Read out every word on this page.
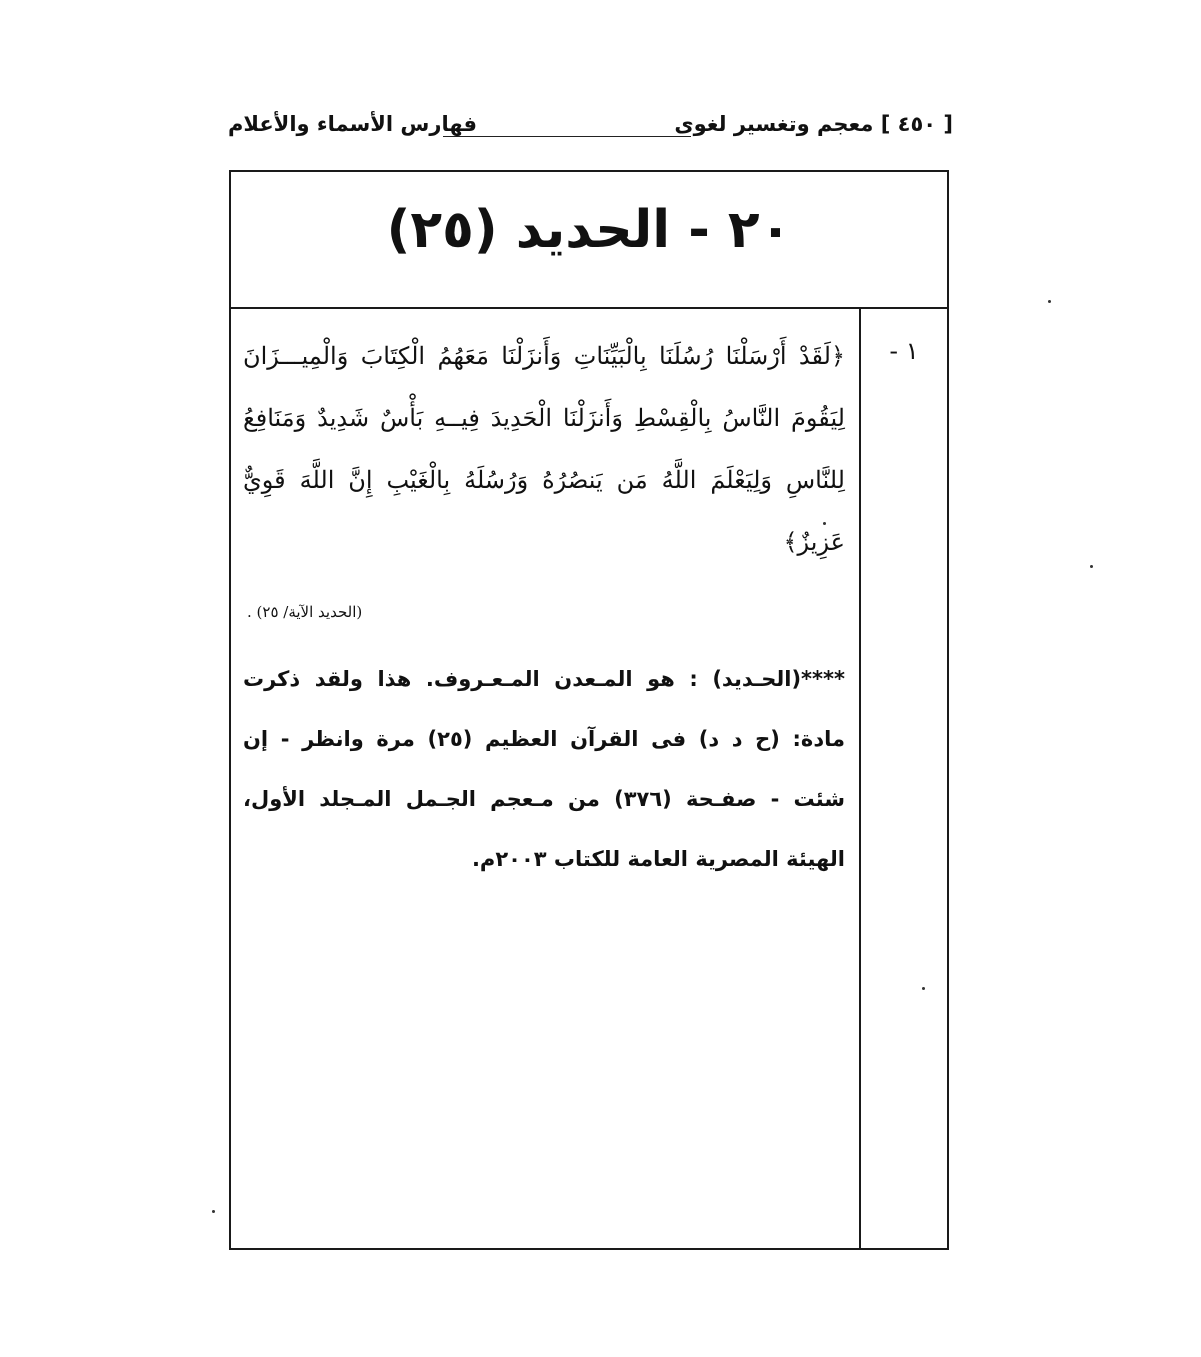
[ ٤٥٠ ] معجم وتغسير لغوى
فهارس الأسماء والأعلام
٢٠ - الحديد (٢٥)
١ -

﴿لَقَدْ أَرْسَلْنَا رُسُلَنَا بِالْبَيِّنَاتِ وَأَنزَلْنَا مَعَهُمُ الْكِتَابَ وَالْمِيـــزَانَ لِيَقُومَ النَّاسُ بِالْقِسْطِ وَأَنزَلْنَا الْحَدِيدَ فِيــهِ بَأْسٌ شَدِيدٌ وَمَنَافِعُ لِلنَّاسِ وَلِيَعْلَمَ اللَّهُ مَن يَنصُرُهُ وَرُسُلَهُ بِالْغَيْبِ إِنَّ اللَّهَ قَوِيٌّ عَزِيزٌ﴾

(الحديد الآية/ ٢٥) .

****(الحـديد) : هو المـعدن المـعـروف. هذا ولقد ذكرت مادة: (ح د د) فى القرآن العظيم (٢٥) مرة وانظر - إن شئت - صفـحة (٣٧٦) من مـعجم الجـمل المـجلد الأول، الهيئة المصرية العامة للكتاب ٢٠٠٣م.
